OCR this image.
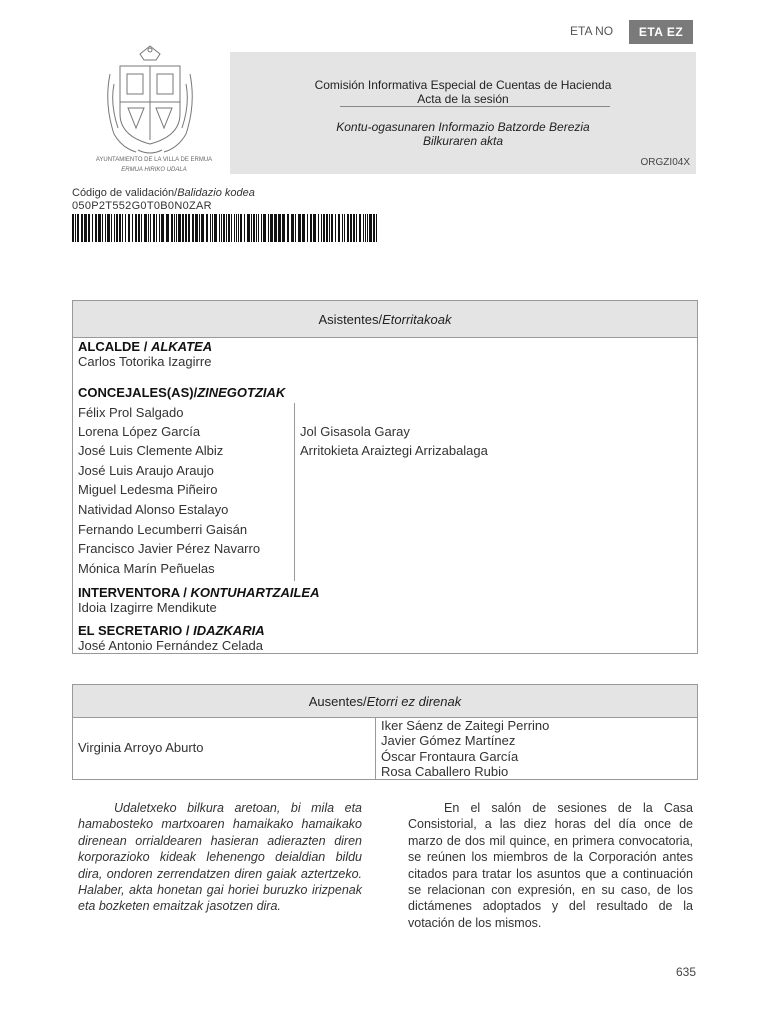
ETA NO	ETA EZ
AYUNTAMIENTO DE LA VILLA DE ERMUA
ERMUA HIRIKO UDALA
Comisión Informativa Especial de Cuentas de Hacienda
Acta de la sesión
Kontu-ogasunaren Informazio Batzorde Berezia
Bilkuraren akta
ORGZI04X
Código de validación/Balidazio kodea
050P2T552G0T0B0N0ZAR
Asistentes/Etorritakoak
ALCALDE / ALKATEA
Carlos Totorika Izagirre
CONCEJALES(AS)/ZINEGOTZIAK
Félix Prol Salgado
Lorena López García
José Luis Clemente Albiz
José Luis Araujo Araujo
Miguel Ledesma Piñeiro
Natividad Alonso Estalayo
Fernando Lecumberri Gaisán
Francisco Javier Pérez Navarro
Mónica Marín Peñuelas
Jol Gisasola Garay
Arritokieta Araiztegi Arrizabalaga
INTERVENTORA / KONTUHARTZAILEA
Idoia Izagirre Mendikute
EL SECRETARIO / IDAZKARIA
José Antonio Fernández Celada
Ausentes/Etorri ez direnak
Virginia Arroyo Aburto
Iker Sáenz de Zaitegi Perrino
Javier Gómez Martínez
Óscar Frontaura García
Rosa Caballero Rubio
Udaletxeko bilkura aretoan, bi mila eta hamabosteko martxoaren hamaikako hamaikako direnean orrialdearen hasieran adierazten diren korporazioko kideak lehenengo deialdian bildu dira, ondoren zerrendatzen diren gaiak aztertzeko. Halaber, akta honetan gai horiei buruzko irizpenak eta bozketen emaitzak jasotzen dira.
En el salón de sesiones de la Casa Consistorial, a las diez horas del día once de marzo de dos mil quince, en primera convocatoria, se reúnen los miembros de la Corporación antes citados para tratar los asuntos que a continuación se relacionan con expresión, en su caso, de los dictámenes adoptados y del resultado de la votación de los mismos.
635
